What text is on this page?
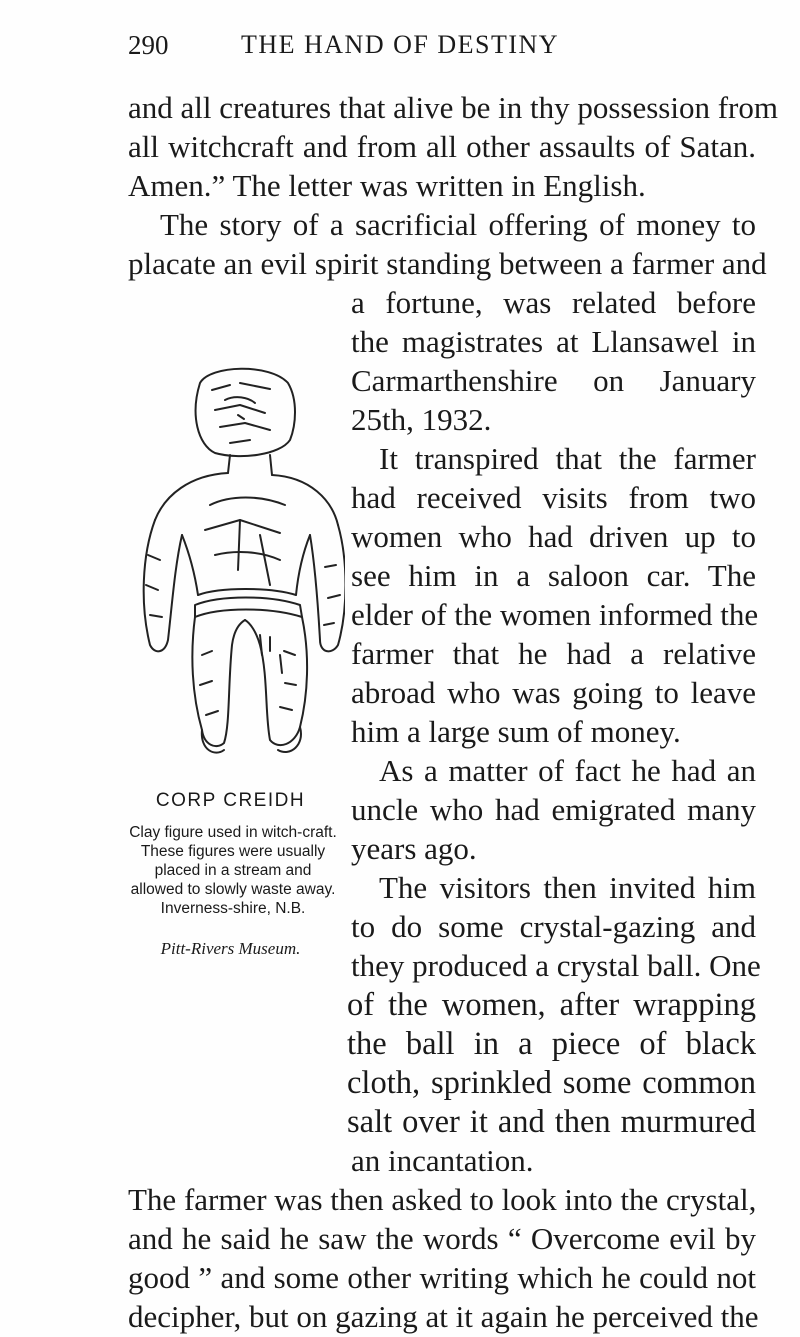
290	THE HAND OF DESTINY
and all creatures that alive be in thy possession from
all witchcraft and from all other assaults of Satan.
Amen.” The letter was written in English.
The story of a sacrificial offering of money to
placate an evil spirit standing between a farmer and
a fortune, was related before
the magistrates at Llansawel in
Carmarthenshire on January
25th, 1932.
It transpired that the farmer
had received visits from two
women who had driven up to
see him in a saloon car. The
elder of the women informed the
farmer that he had a relative
abroad who was going to leave
him a large sum of money.
As a matter of fact he had an
uncle who had emigrated many
years ago.
The visitors then invited him
to do some crystal-gazing and
they produced a crystal ball. One
of the women, after wrapping
the ball in a piece of black
cloth, sprinkled some common
salt over it and then murmured
an incantation.
The farmer was then asked to look into the crystal,
and he said he saw the words “ Overcome evil by
good ” and some other writing which he could not
decipher, but on gazing at it again he perceived the
CORP CREIDH
Clay figure used in witch-craft. These figures were usually placed in a stream and allowed to slowly waste away. Inverness-shire, N.B.
Pitt-Rivers Museum.
